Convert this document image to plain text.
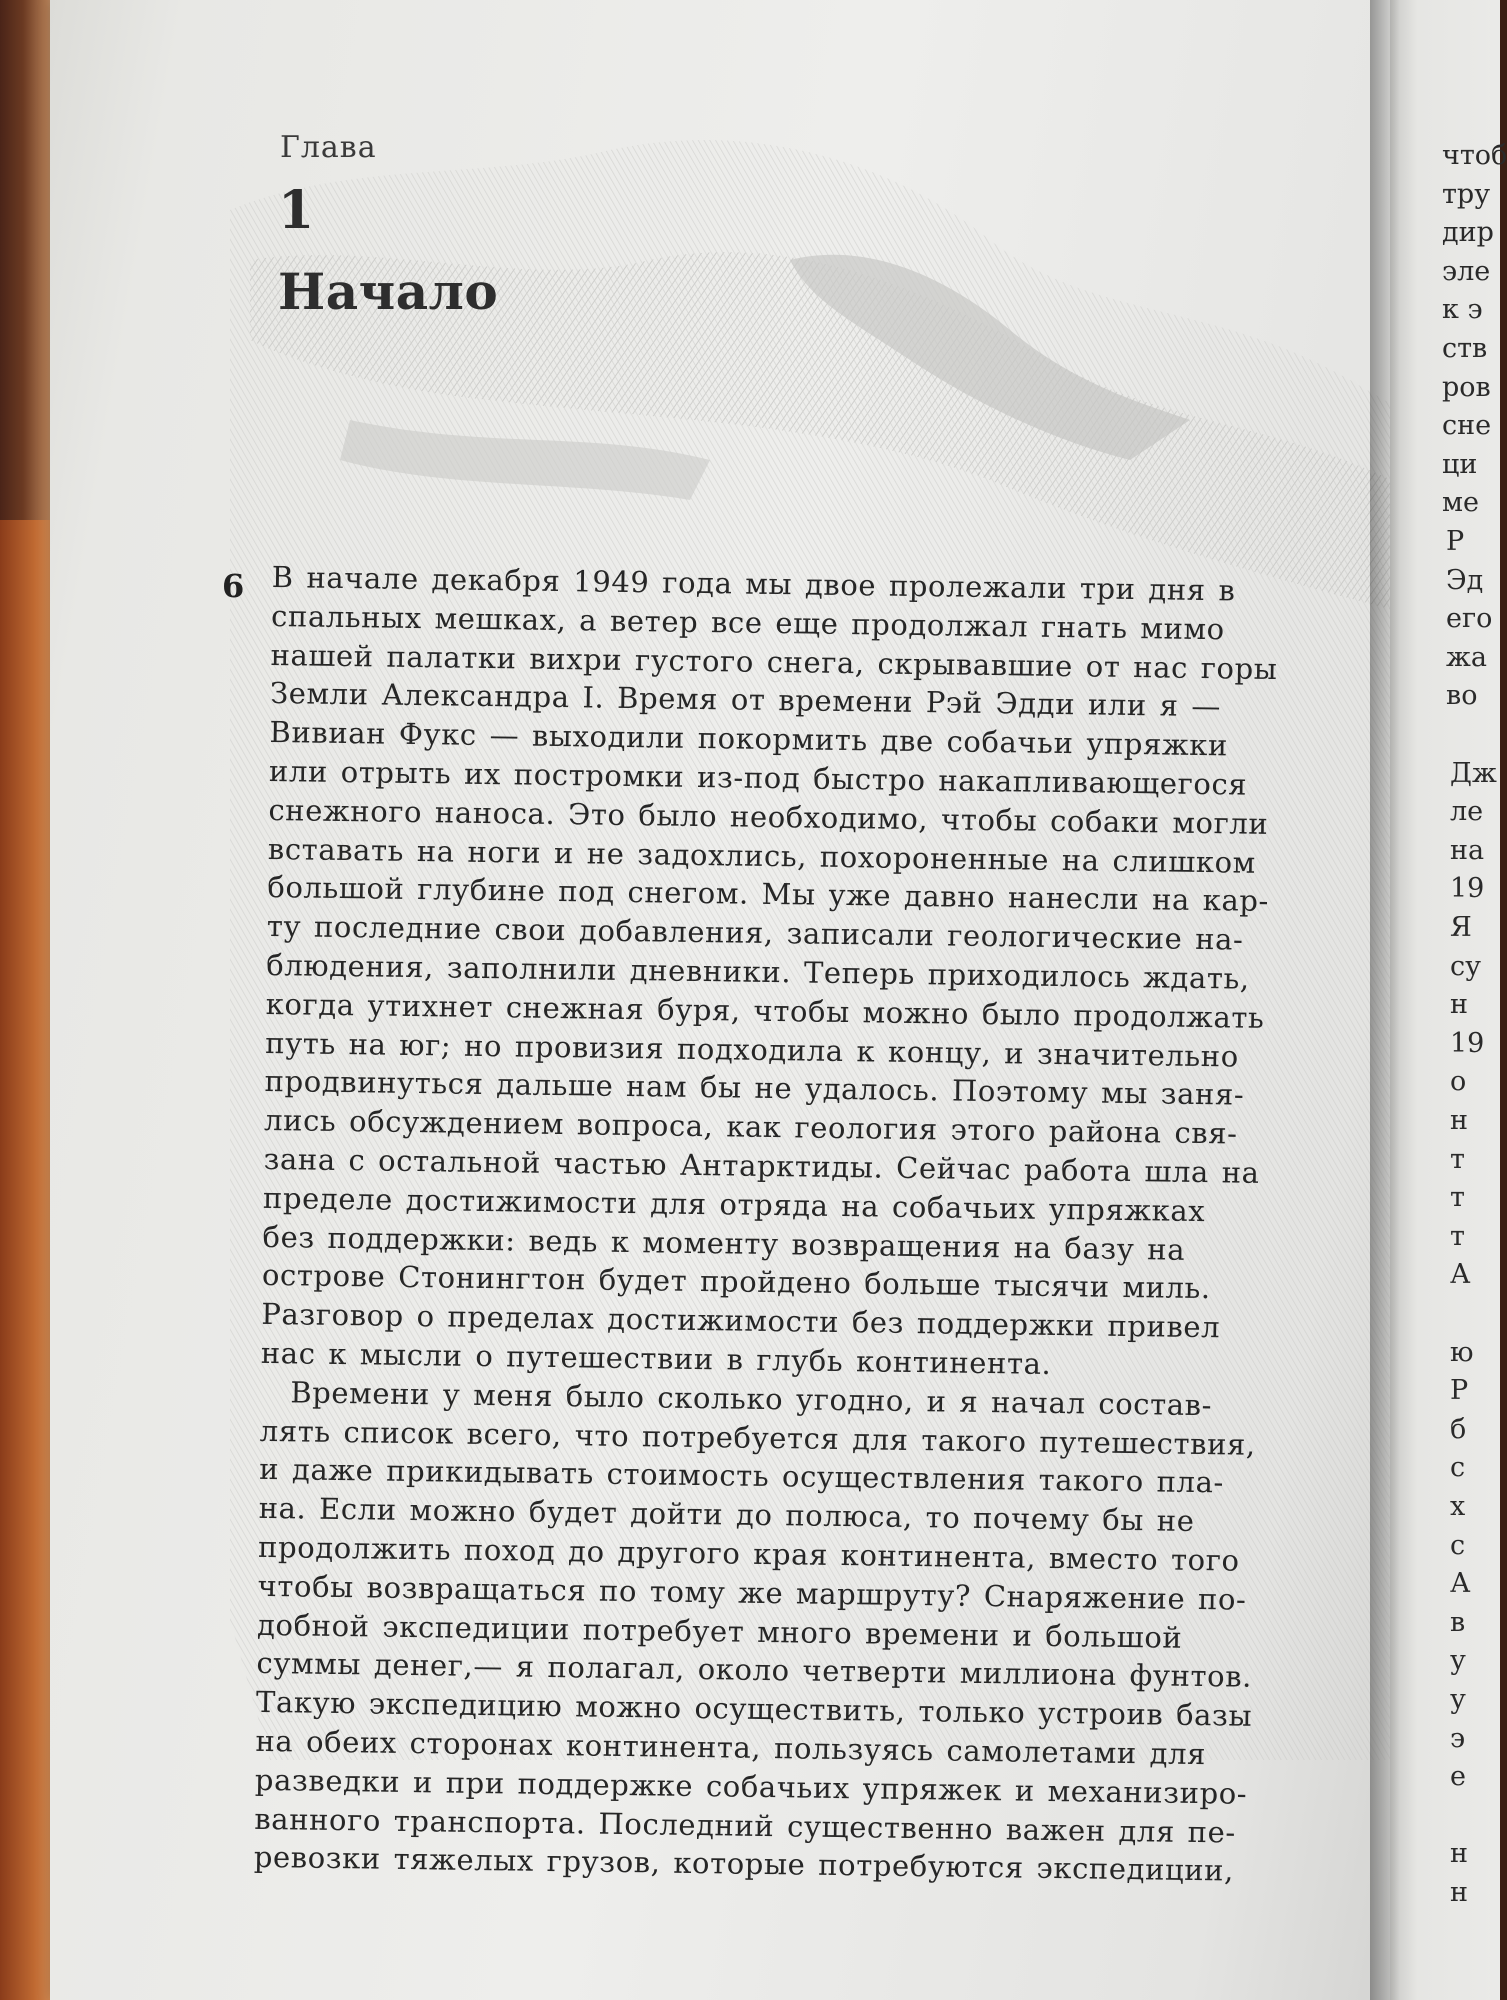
Глава
1
Начало
6 В начале декабря 1949 года мы двое пролежали три дня в
спальных мешках, а ветер все еще продолжал гнать мимо
нашей палатки вихри густого снега, скрывавшие от нас горы
Земли Александра I. Время от времени Рэй Эдди или я —
Вивиан Фукс — выходили покормить две собачьи упряжки
или отрыть их постромки из-под быстро накапливающегося
снежного наноса. Это было необходимо, чтобы собаки могли
вставать на ноги и не задохлись, похороненные на слишком
большой глубине под снегом. Мы уже давно нанесли на кар-
ту последние свои добавления, записали геологические на-
блюдения, заполнили дневники. Теперь приходилось ждать,
когда утихнет снежная буря, чтобы можно было продолжать
путь на юг; но провизия подходила к концу, и значительно
продвинуться дальше нам бы не удалось. Поэтому мы заня-
лись обсуждением вопроса, как геология этого района свя-
зана с остальной частью Антарктиды. Сейчас работа шла на
пределе достижимости для отряда на собачьих упряжках
без поддержки: ведь к моменту возвращения на базу на
острове Стонингтон будет пройдено больше тысячи миль.
Разговор о пределах достижимости без поддержки привел
нас к мысли о путешествии в глубь континента.
Времени у меня было сколько угодно, и я начал состав-
лять список всего, что потребуется для такого путешествия,
и даже прикидывать стоимость осуществления такого пла-
на. Если можно будет дойти до полюса, то почему бы не
продолжить поход до другого края континента, вместо того
чтобы возвращаться по тому же маршруту? Снаряжение по-
добной экспедиции потребует много времени и большой
суммы денег,— я полагал, около четверти миллиона фунтов.
Такую экспедицию можно осуществить, только устроив базы
на обеих сторонах континента, пользуясь самолетами для
разведки и при поддержке собачьих упряжек и механизиро-
ванного транспорта. Последний существенно важен для пе-
ревозки тяжелых грузов, которые потребуются экспедиции,
чтоб
тру
дир
эле
к э
ств
ров
сне
ци
ме
Р
Эд
его
жа
во
Дж
ле
на
19
Я
су
н
19
о
н
т
т
т
А
ю
Р
б
с
х
с
А
в
у
у
э
е
н
н
